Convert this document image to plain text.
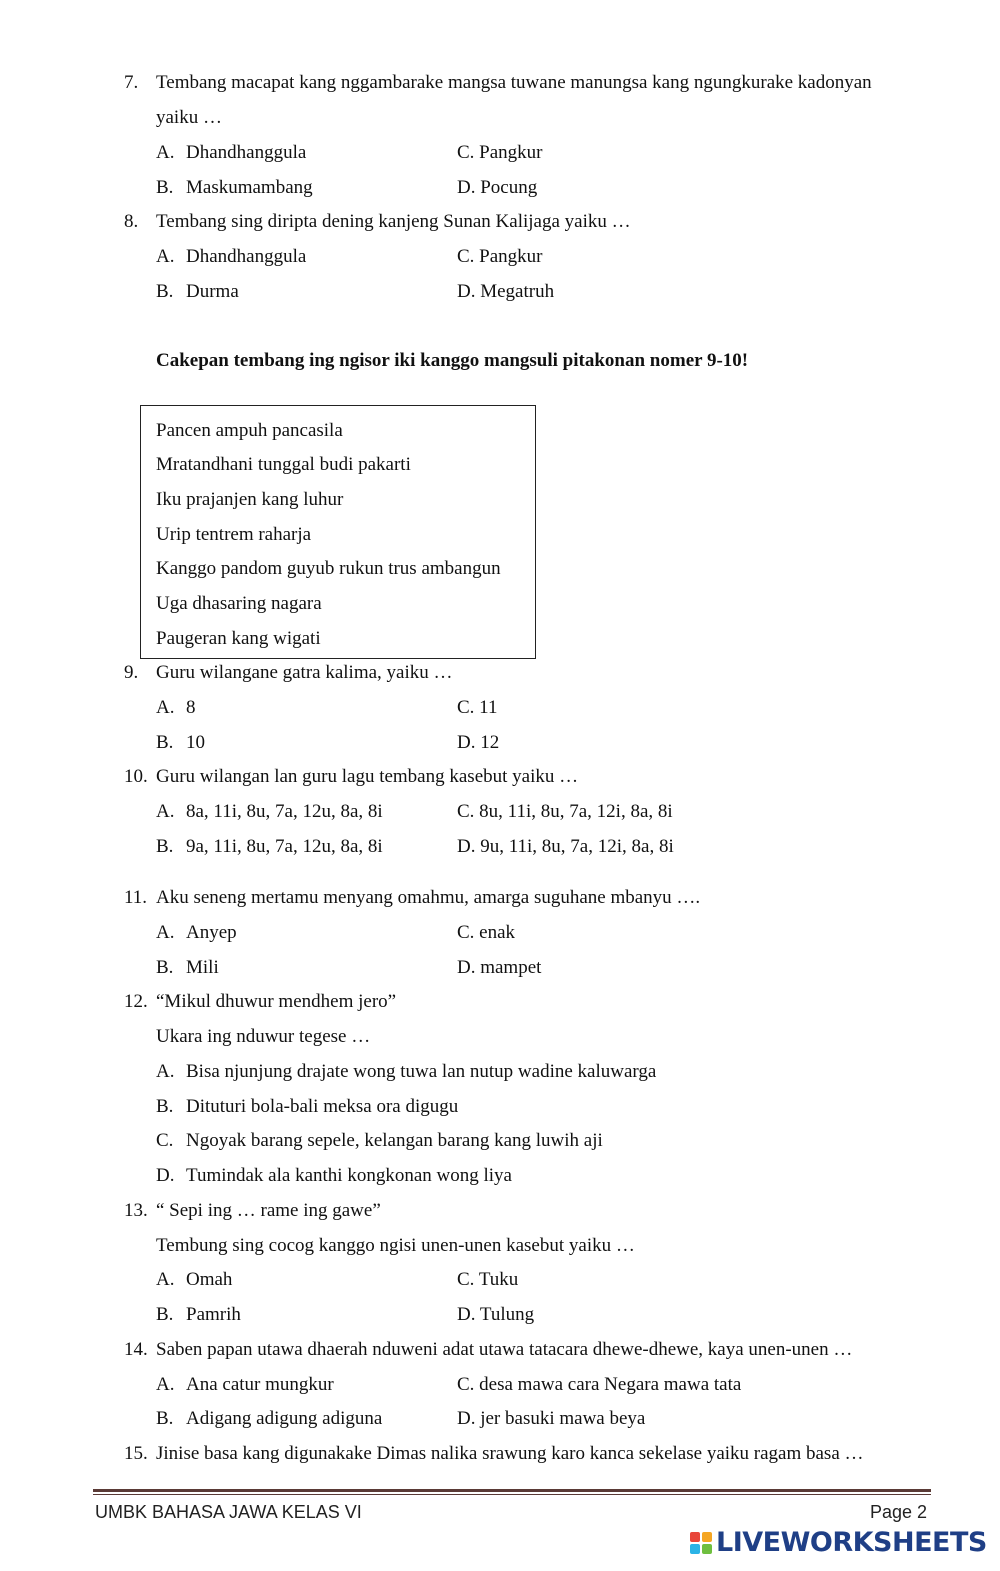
7. Tembang macapat kang nggambarake mangsa tuwane manungsa kang ngungkurake kadonyan
yaiku …
A. Dhandhanggula	C. Pangkur
B. Maskumambang	D. Pocung
8. Tembang sing diripta dening kanjeng Sunan Kalijaga yaiku …
A. Dhandhanggula	C. Pangkur
B. Durma	D. Megatruh
Cakepan tembang ing ngisor iki kanggo mangsuli pitakonan nomer 9-10!
Pancen ampuh pancasila
Mratandhani tunggal budi pakarti
Iku prajanjen kang luhur
Urip tentrem raharja
Kanggo pandom guyub rukun trus ambangun
Uga dhasaring nagara
Paugeran kang wigati
9. Guru wilangane gatra kalima, yaiku …
A. 8	C. 11
B. 10	D. 12
10. Guru wilangan lan guru lagu tembang kasebut yaiku …
A. 8a, 11i, 8u, 7a, 12u, 8a, 8i	C. 8u, 11i, 8u, 7a, 12i, 8a, 8i
B. 9a, 11i, 8u, 7a, 12u, 8a, 8i	D. 9u, 11i, 8u, 7a, 12i, 8a, 8i
11. Aku seneng mertamu menyang omahmu, amarga suguhane mbanyu ….
A. Anyep	C. enak
B. Mili	D. mampet
12. “Mikul dhuwur mendhem jero”
Ukara ing nduwur tegese …
A. Bisa njunjung drajate wong tuwa lan nutup wadine kaluwarga
B. Dituturi bola-bali meksa ora digugu
C. Ngoyak barang sepele, kelangan barang kang luwih aji
D. Tumindak ala kanthi kongkonan wong liya
13. “ Sepi ing … rame ing gawe”
Tembung sing cocog kanggo ngisi unen-unen kasebut yaiku …
A. Omah	C. Tuku
B. Pamrih	D. Tulung
14. Saben papan utawa dhaerah nduweni adat utawa tatacara dhewe-dhewe, kaya unen-unen …
A. Ana catur mungkur	C. desa mawa cara Negara mawa tata
B. Adigang adigung adiguna	D. jer basuki mawa beya
15. Jinise basa kang digunakake Dimas nalika srawung karo kanca sekelase yaiku ragam basa …
UMBK BAHASA JAWA KELAS VI	Page 2
LIVEWORKSHEETS
